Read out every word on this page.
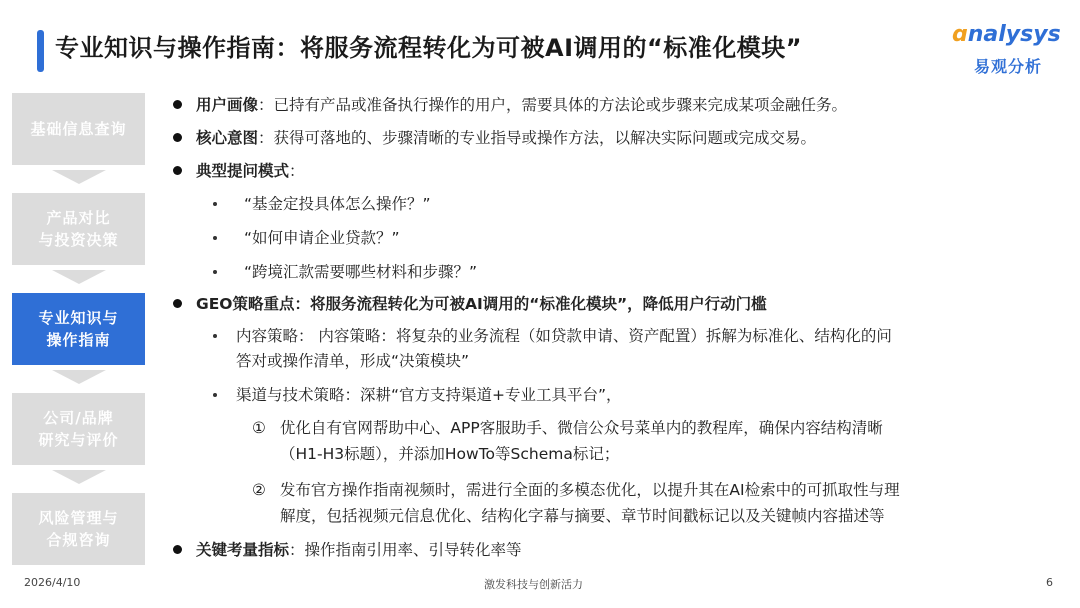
专业知识与操作指南：将服务流程转化为可被AI调用的“标准化模块”	ɑnalysys
易观分析
基础信息查询
产品对比
与投资决策
专业知识与
操作指南
公司/品牌
研究与评价
风险管理与
合规咨询
用户画像：已持有产品或准备执行操作的用户，需要具体的方法论或步骤来完成某项金融任务。
核心意图：获得可落地的、步骤清晰的专业指导或操作方法，以解决实际问题或完成交易。
典型提问模式：
“基金定投具体怎么操作？”
“如何申请企业贷款？”
“跨境汇款需要哪些材料和步骤？”
GEO策略重点：将服务流程转化为可被AI调用的“标准化模块”，降低用户行动门槛
内容策略： 内容策略：将复杂的业务流程（如贷款申请、资产配置）拆解为标准化、结构化的问
答对或操作清单，形成“决策模块”
渠道与技术策略：深耕“官方支持渠道+专业工具平台”，
① 优化自有官网帮助中心、APP客服助手、微信公众号菜单内的教程库，确保内容结构清晰
（H1-H3标题），并添加HowTo等Schema标记；
② 发布官方操作指南视频时，需进行全面的多模态优化，以提升其在AI检索中的可抓取性与理
解度，包括视频元信息优化、结构化字幕与摘要、章节时间戳标记以及关键帧内容描述等
关键考量指标：操作指南引用率、引导转化率等
2026/4/10	激发科技与创新活力	6
